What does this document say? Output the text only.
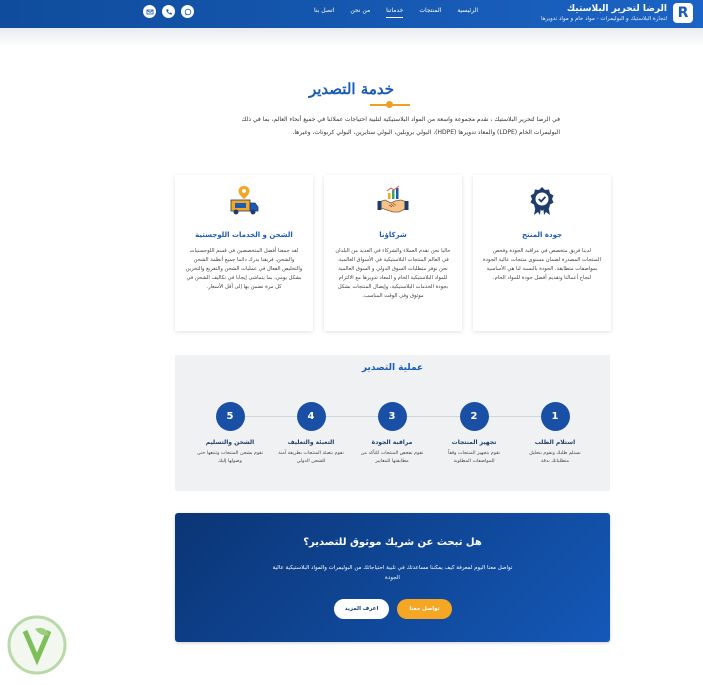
R
الرضا لتحرير البلاستيك
لتجارة البلاستيك و البوليمرات - مواد خام و مواد تدويرها
الرئيسية
المنتجات
خدماتنا
من نحن
اتصل بنا
خدمة التصدير
في الرضا لتحرير البلاستيك ، نقدم مجموعة واسعة من المواد البلاستيكية لتلبية احتياجات عملائنا في جميع أنحاء العالم، بما في ذلك البوليمرات الخام (LDPE) والمعاد تدويرها (HDPE)، البولي بروبلين، البولي ستايرين، البولي كربونات، وغيرها.
جودة المنتج

لدينا فريق متخصص في مراقبة الجودة وفحص المنتجات المصدرة لضمان مستوى منتجات عالية الجودة بمواصفات متطابقة. الجودة بالنسبة لنا هي الأساسية لنجاح أعمالنا وتقديم أفضل جودة للمواد الخام.

شركاؤنا

حاليا نحن نقدم العملاء والشركاء في العديد من البلدان في العالم المنتجات البلاستيكية في الأسواق العالمية. نحن نوفر متطلبات السوق الدولي و السوق العالمية للمواد البلاستيكية الخام و المعاد تدويرها مع الالتزام بجودة الخدمات البلاستيكية، وإيصال المنتجات بشكل موثوق وفي الوقت المناسب.

الشحن و الخدمات اللوجستية

لقد جمعنا أفضل المتخصصين في قسم اللوجستيات والشحن، فريقنا يدرك دائما جميع أنظمة الشحن والتخليص الفعال في عمليات الشحن والتفريغ والتخزين بشكل يومي، بما يتماشى إيجابا في تكاليف الشحن في كل مرة نضمن بها إلى أقل الأسعار.

عملية التصدير
1
استلام الطلب
نستلم طلبك ونقوم بتحليل متطلباتك بدقة
2
تجهيز المنتجات
نقوم بتجهيز المنتجات وفقاً للمواصفات المطلوبة
3
مراقبة الجودة
نقوم بفحص المنتجات للتأكد من مطابقتها للمعايير
4
التعبئة والتغليف
نقوم بتعبئة المنتجات بطريقة آمنة للشحن الدولي
5
الشحن والتسليم
نقوم بشحن المنتجات وتتبعها حتى وصولها إليك
هل تبحث عن شريك موثوق للتصدير؟

تواصل معنا اليوم لمعرفة كيف يمكننا مساعدتك في تلبية احتياجاتك من البوليمرات والمواد البلاستيكية عالية الجودة

تواصل معنا
اعرف المزيد
